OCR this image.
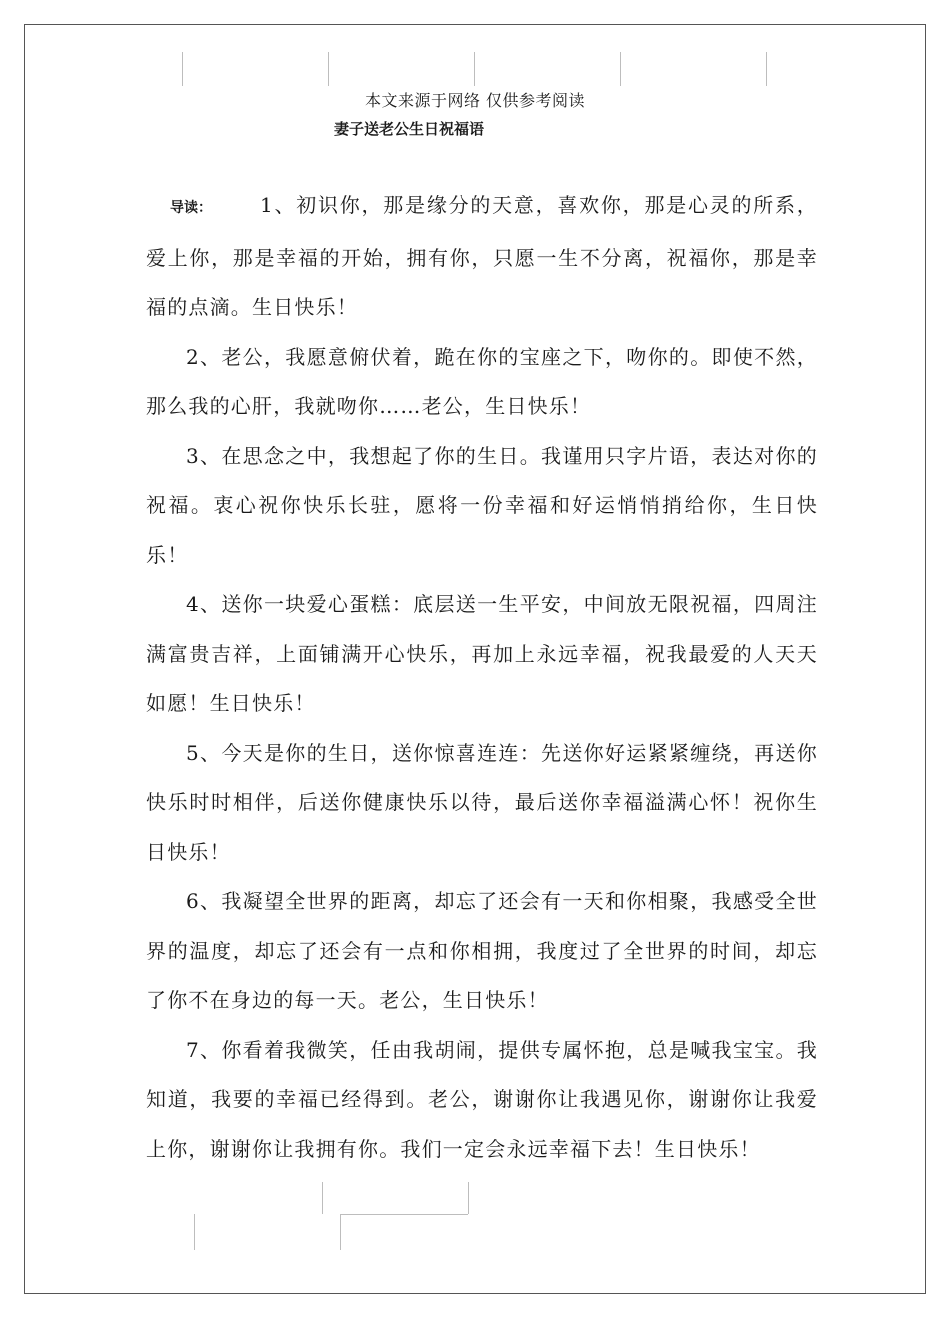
本文来源于网络 仅供参考阅读
妻子送老公生日祝福语

导读： 1、初识你，那是缘分的天意，喜欢你，那是心灵的所系，爱上你，那是幸福的开始，拥有你，只愿一生不分离，祝福你，那是幸福的点滴。生日快乐！

2、老公，我愿意俯伏着，跪在你的宝座之下，吻你的。即使不然，那么我的心肝，我就吻你……老公，生日快乐！

3、在思念之中，我想起了你的生日。我谨用只字片语，表达对你的祝福。衷心祝你快乐长驻，愿将一份幸福和好运悄悄捎给你，生日快乐！

4、送你一块爱心蛋糕：底层送一生平安，中间放无限祝福，四周注满富贵吉祥，上面铺满开心快乐，再加上永远幸福，祝我最爱的人天天如愿！生日快乐！

5、今天是你的生日，送你惊喜连连：先送你好运紧紧缠绕，再送你快乐时时相伴，后送你健康快乐以待，最后送你幸福溢满心怀！祝你生日快乐！

6、我凝望全世界的距离，却忘了还会有一天和你相聚，我感受全世界的温度，却忘了还会有一点和你相拥，我度过了全世界的时间，却忘了你不在身边的每一天。老公，生日快乐！

7、你看着我微笑，任由我胡闹，提供专属怀抱，总是喊我宝宝。我知道，我要的幸福已经得到。老公，谢谢你让我遇见你，谢谢你让我爱上你，谢谢你让我拥有你。我们一定会永远幸福下去！生日快乐！
